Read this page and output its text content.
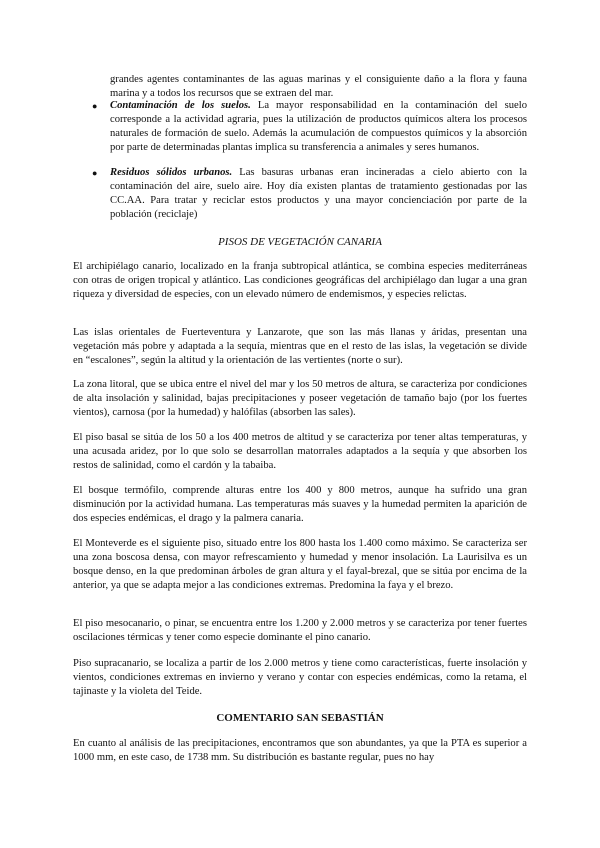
grandes agentes contaminantes de las aguas marinas y el consiguiente daño a la flora y fauna marina y a todos los recursos que se extraen del mar.

● Contaminación de los suelos. La mayor responsabilidad en la contaminación del suelo corresponde a la actividad agraria, pues la utilización de productos químicos altera los procesos naturales de formación de suelo. Además la acumulación de compuestos químicos y la absorción por parte de determinadas plantas implica su transferencia a animales y seres humanos.

● Residuos sólidos urbanos. Las basuras urbanas eran incineradas a cielo abierto con la contaminación del aire, suelo aire. Hoy día existen plantas de tratamiento gestionadas por las CC.AA. Para tratar y reciclar estos productos y una mayor concienciación por parte de la población (reciclaje)

PISOS DE VEGETACIÓN CANARIA

El archipiélago canario, localizado en la franja subtropical atlántica, se combina especies mediterráneas con otras de origen tropical y atlántico. Las condiciones geográficas del archipiélago dan lugar a una gran riqueza y diversidad de especies, con un elevado número de endemismos, y especies relictas.

Las islas orientales de Fuerteventura y Lanzarote, que son las más llanas y áridas, presentan una vegetación más pobre y adaptada a la sequía, mientras que en el resto de las islas, la vegetación se divide en “escalones”, según la altitud y la orientación de las vertientes (norte o sur).

La zona litoral, que se ubica entre el nivel del mar y los 50 metros de altura, se caracteriza por condiciones de alta insolación y salinidad, bajas precipitaciones y poseer vegetación de tamaño bajo (por los fuertes vientos), carnosa (por la humedad) y halófilas (absorben las sales).

El piso basal se sitúa de los 50 a los 400 metros de altitud y se caracteriza por tener altas temperaturas, y una acusada aridez, por lo que solo se desarrollan matorrales adaptados a la sequía y que absorben los restos de salinidad, como el cardón y la tabaiba.

El bosque termófilo, comprende alturas entre los 400 y 800 metros, aunque ha sufrido una gran disminución por la actividad humana. Las temperaturas más suaves y la humedad permiten la aparición de dos especies endémicas, el drago y la palmera canaria.

El Monteverde es el siguiente piso, situado entre los 800 hasta los 1.400 como máximo. Se caracteriza ser una zona boscosa densa, con mayor refrescamiento y humedad y menor insolación. La Laurisilva es un bosque denso, en la que predominan árboles de gran altura y el fayal-brezal, que se sitúa por encima de la anterior, ya que se adapta mejor a las condiciones extremas. Predomina la faya y el brezo.

El piso mesocanario, o pinar, se encuentra entre los 1.200 y 2.000 metros y se caracteriza por tener fuertes oscilaciones térmicas y tener como especie dominante el pino canario.

Piso supracanario, se localiza a partir de los 2.000 metros y tiene como características, fuerte insolación y vientos, condiciones extremas en invierno y verano y contar con especies endémicas, como la retama, el tajinaste y la violeta del Teide.

COMENTARIO SAN SEBASTIÁN

En cuanto al análisis de las precipitaciones, encontramos que son abundantes, ya que la PTA es superior a 1000 mm, en este caso, de 1738 mm. Su distribución es bastante regular, pues no hay
